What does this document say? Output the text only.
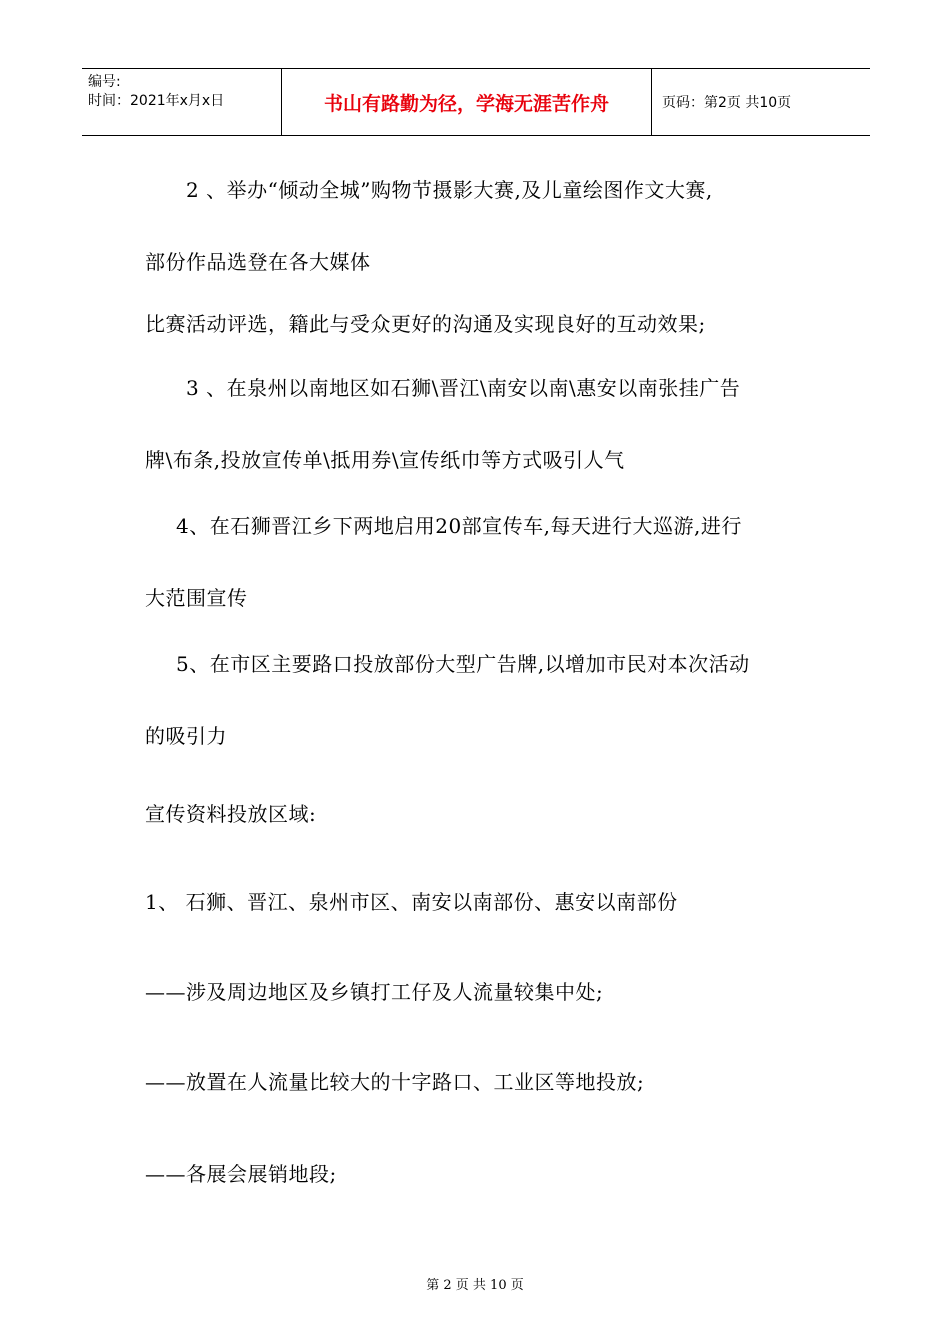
编号:
时间：2021年x月x日	书山有路勤为径，学海无涯苦作舟	页码：第2页 共10页
2 、举办“倾动全城”购物节摄影大赛,及儿童绘图作文大赛,
部份作品选登在各大媒体
比赛活动评选，籍此与受众更好的沟通及实现良好的互动效果;
3 、在泉州以南地区如石狮\晋江\南安以南\惠安以南张挂广告
牌\布条,投放宣传单\抵用券\宣传纸巾等方式吸引人气
4、在石狮晋江乡下两地启用20部宣传车,每天进行大巡游,进行
大范围宣传
5、在市区主要路口投放部份大型广告牌,以增加市民对本次活动
的吸引力
宣传资料投放区域:
1、 石狮、晋江、泉州市区、南安以南部份、惠安以南部份
——涉及周边地区及乡镇打工仔及人流量较集中处;
——放置在人流量比较大的十字路口、工业区等地投放;
——各展会展销地段;
第 2 页 共 10 页
